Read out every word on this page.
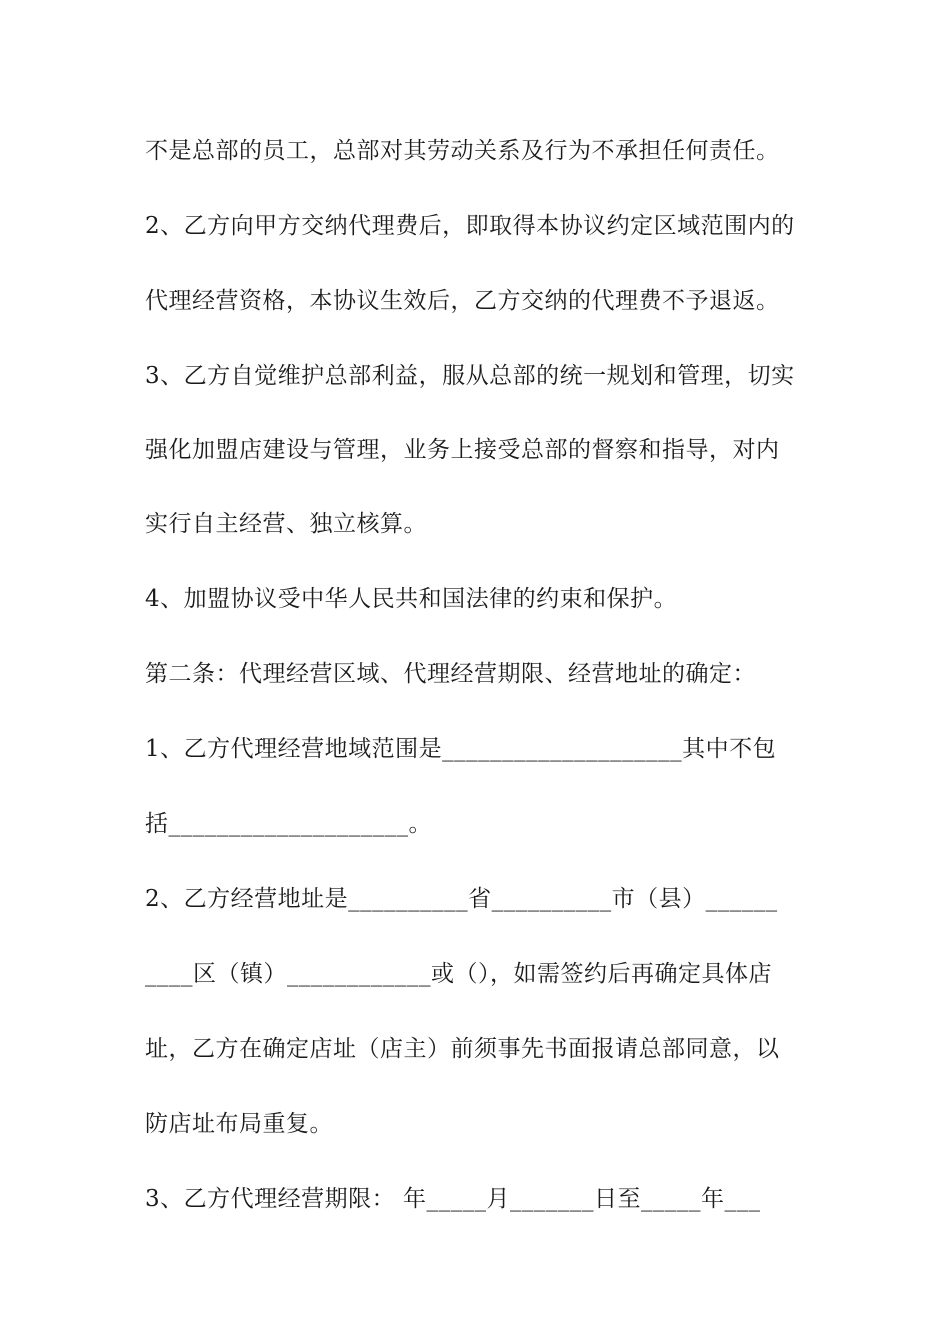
不是总部的员工，总部对其劳动关系及行为不承担任何责任。
2、乙方向甲方交纳代理费后，即取得本协议约定区域范围内的
代理经营资格，本协议生效后，乙方交纳的代理费不予退返。
3、乙方自觉维护总部利益，服从总部的统一规划和管理，切实
强化加盟店建设与管理，业务上接受总部的督察和指导，对内
实行自主经营、独立核算。
4、加盟协议受中华人民共和国法律的约束和保护。
第二条：代理经营区域、代理经营期限、经营地址的确定：
1、乙方代理经营地域范围是____________________其中不包
括____________________。
2、乙方经营地址是__________省__________市（县）______
____区（镇）____________或（），如需签约后再确定具体店
址，乙方在确定店址（店主）前须事先书面报请总部同意，以
防店址布局重复。
3、乙方代理经营期限： 年_____月_______日至_____年___
